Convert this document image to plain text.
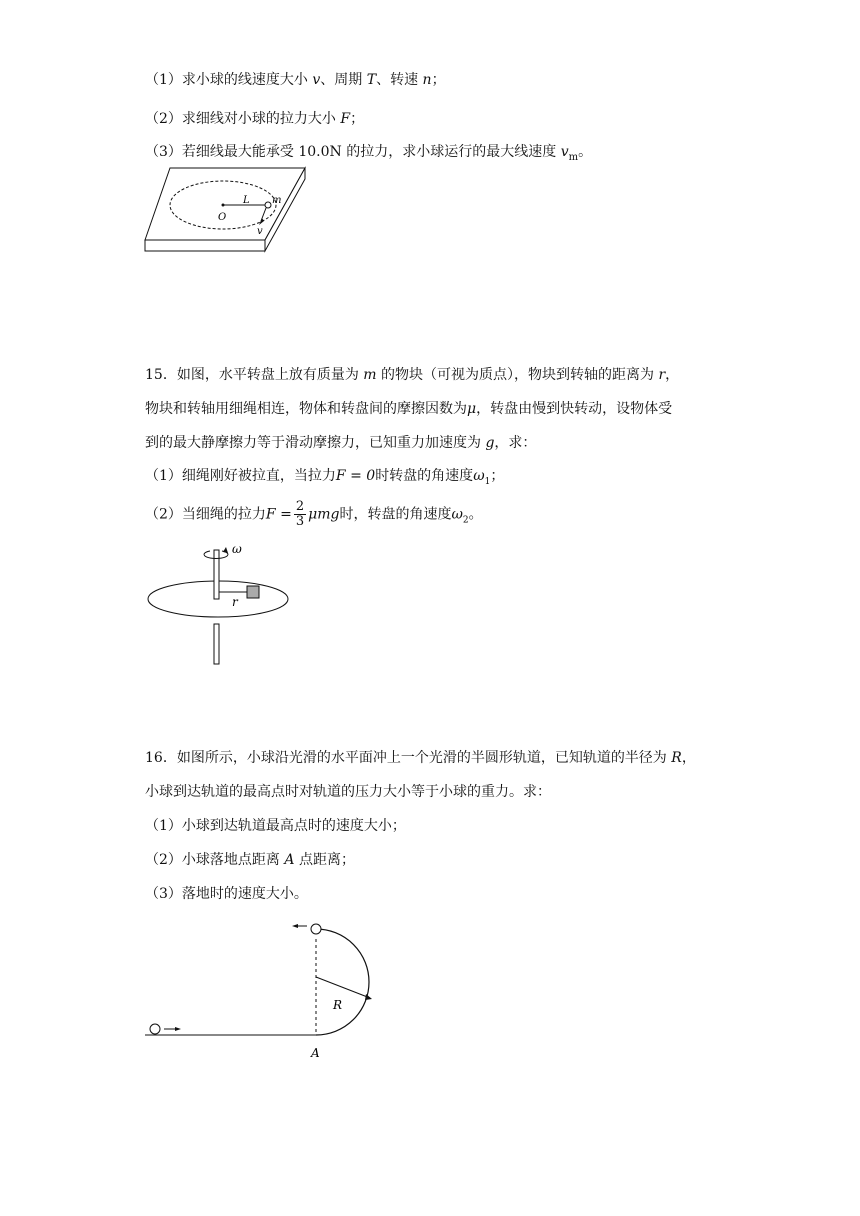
（1）求小球的线速度大小 v、周期 T、转速 n；
（2）求细线对小球的拉力大小 F；
（3）若细线最大能承受 10.0N 的拉力，求小球运行的最大线速度 $v_m$。
O
L m
v
15．如图，水平转盘上放有质量为 m 的物块（可视为质点），物块到转轴的距离为 r，
物块和转轴用细绳相连，物体和转盘间的摩擦因数为μ，转盘由慢到快转动，设物体受
到的最大静摩擦力等于滑动摩擦力，已知重力加速度为 g，求：
（1）细绳刚好被拉直，当拉力F = 0时转盘的角速度$\omega_1$；
（2）当细绳的拉力$F = \frac{2}{3}$ μmg时，转盘的角速度$\omega_2$。
ω
r
16．如图所示，小球沿光滑的水平面冲上一个光滑的半圆形轨道，已知轨道的半径为 R，
小球到达轨道的最高点时对轨道的压力大小等于小球的重力。求：
（1）小球到达轨道最高点时的速度大小；
（2）小球落地点距离 A 点距离；
（3）落地时的速度大小。
R
A
